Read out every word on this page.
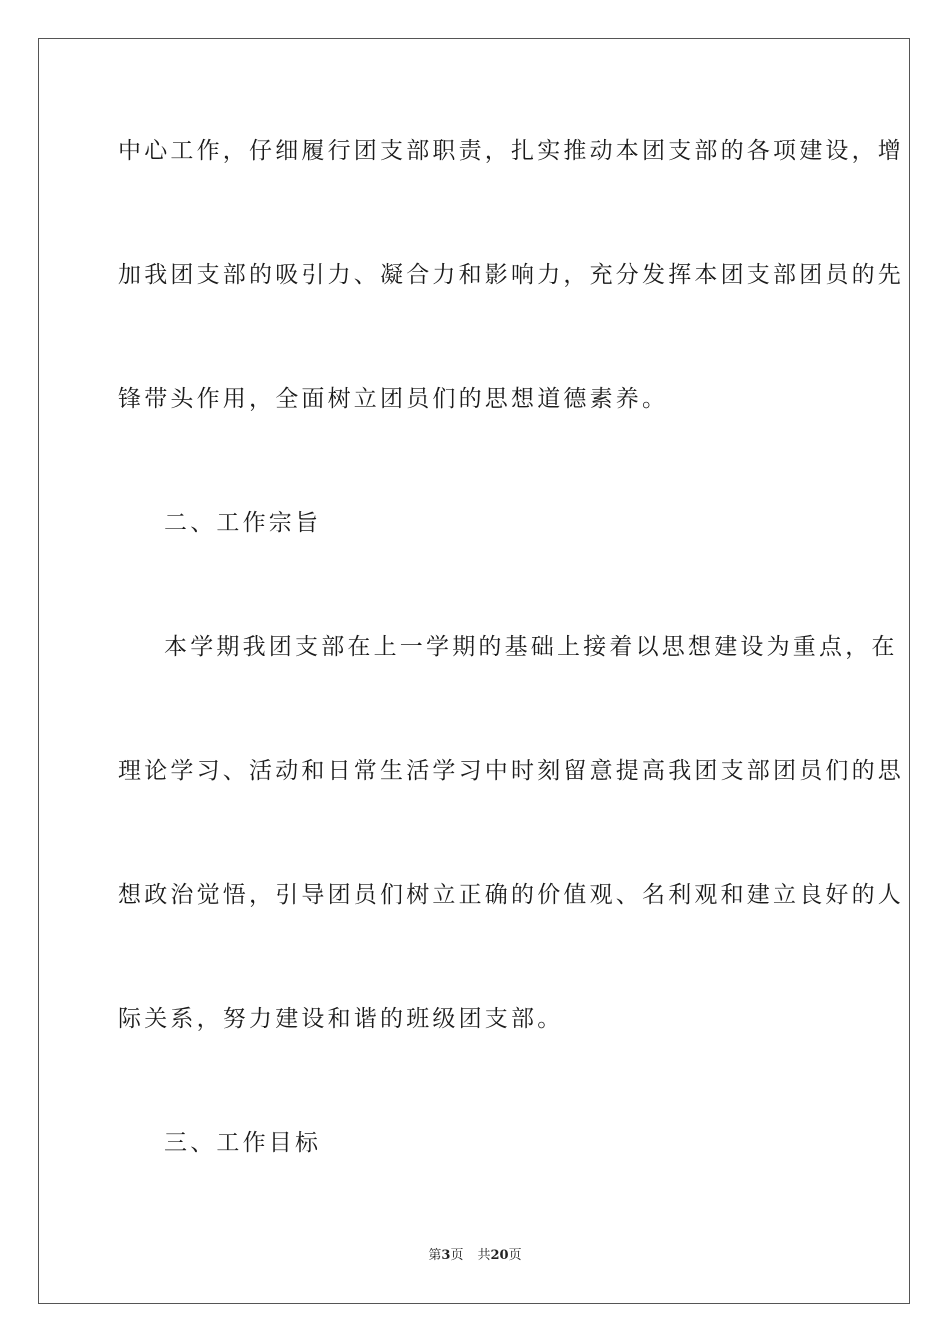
中心工作，仔细履行团支部职责，扎实推动本团支部的各项建设，增
加我团支部的吸引力、凝合力和影响力，充分发挥本团支部团员的先
锋带头作用，全面树立团员们的思想道德素养。
二、工作宗旨
本学期我团支部在上一学期的基础上接着以思想建设为重点，在
理论学习、活动和日常生活学习中时刻留意提高我团支部团员们的思
想政治觉悟，引导团员们树立正确的价值观、名利观和建立良好的人
际关系，努力建设和谐的班级团支部。
三、工作目标
第3页 共20页
